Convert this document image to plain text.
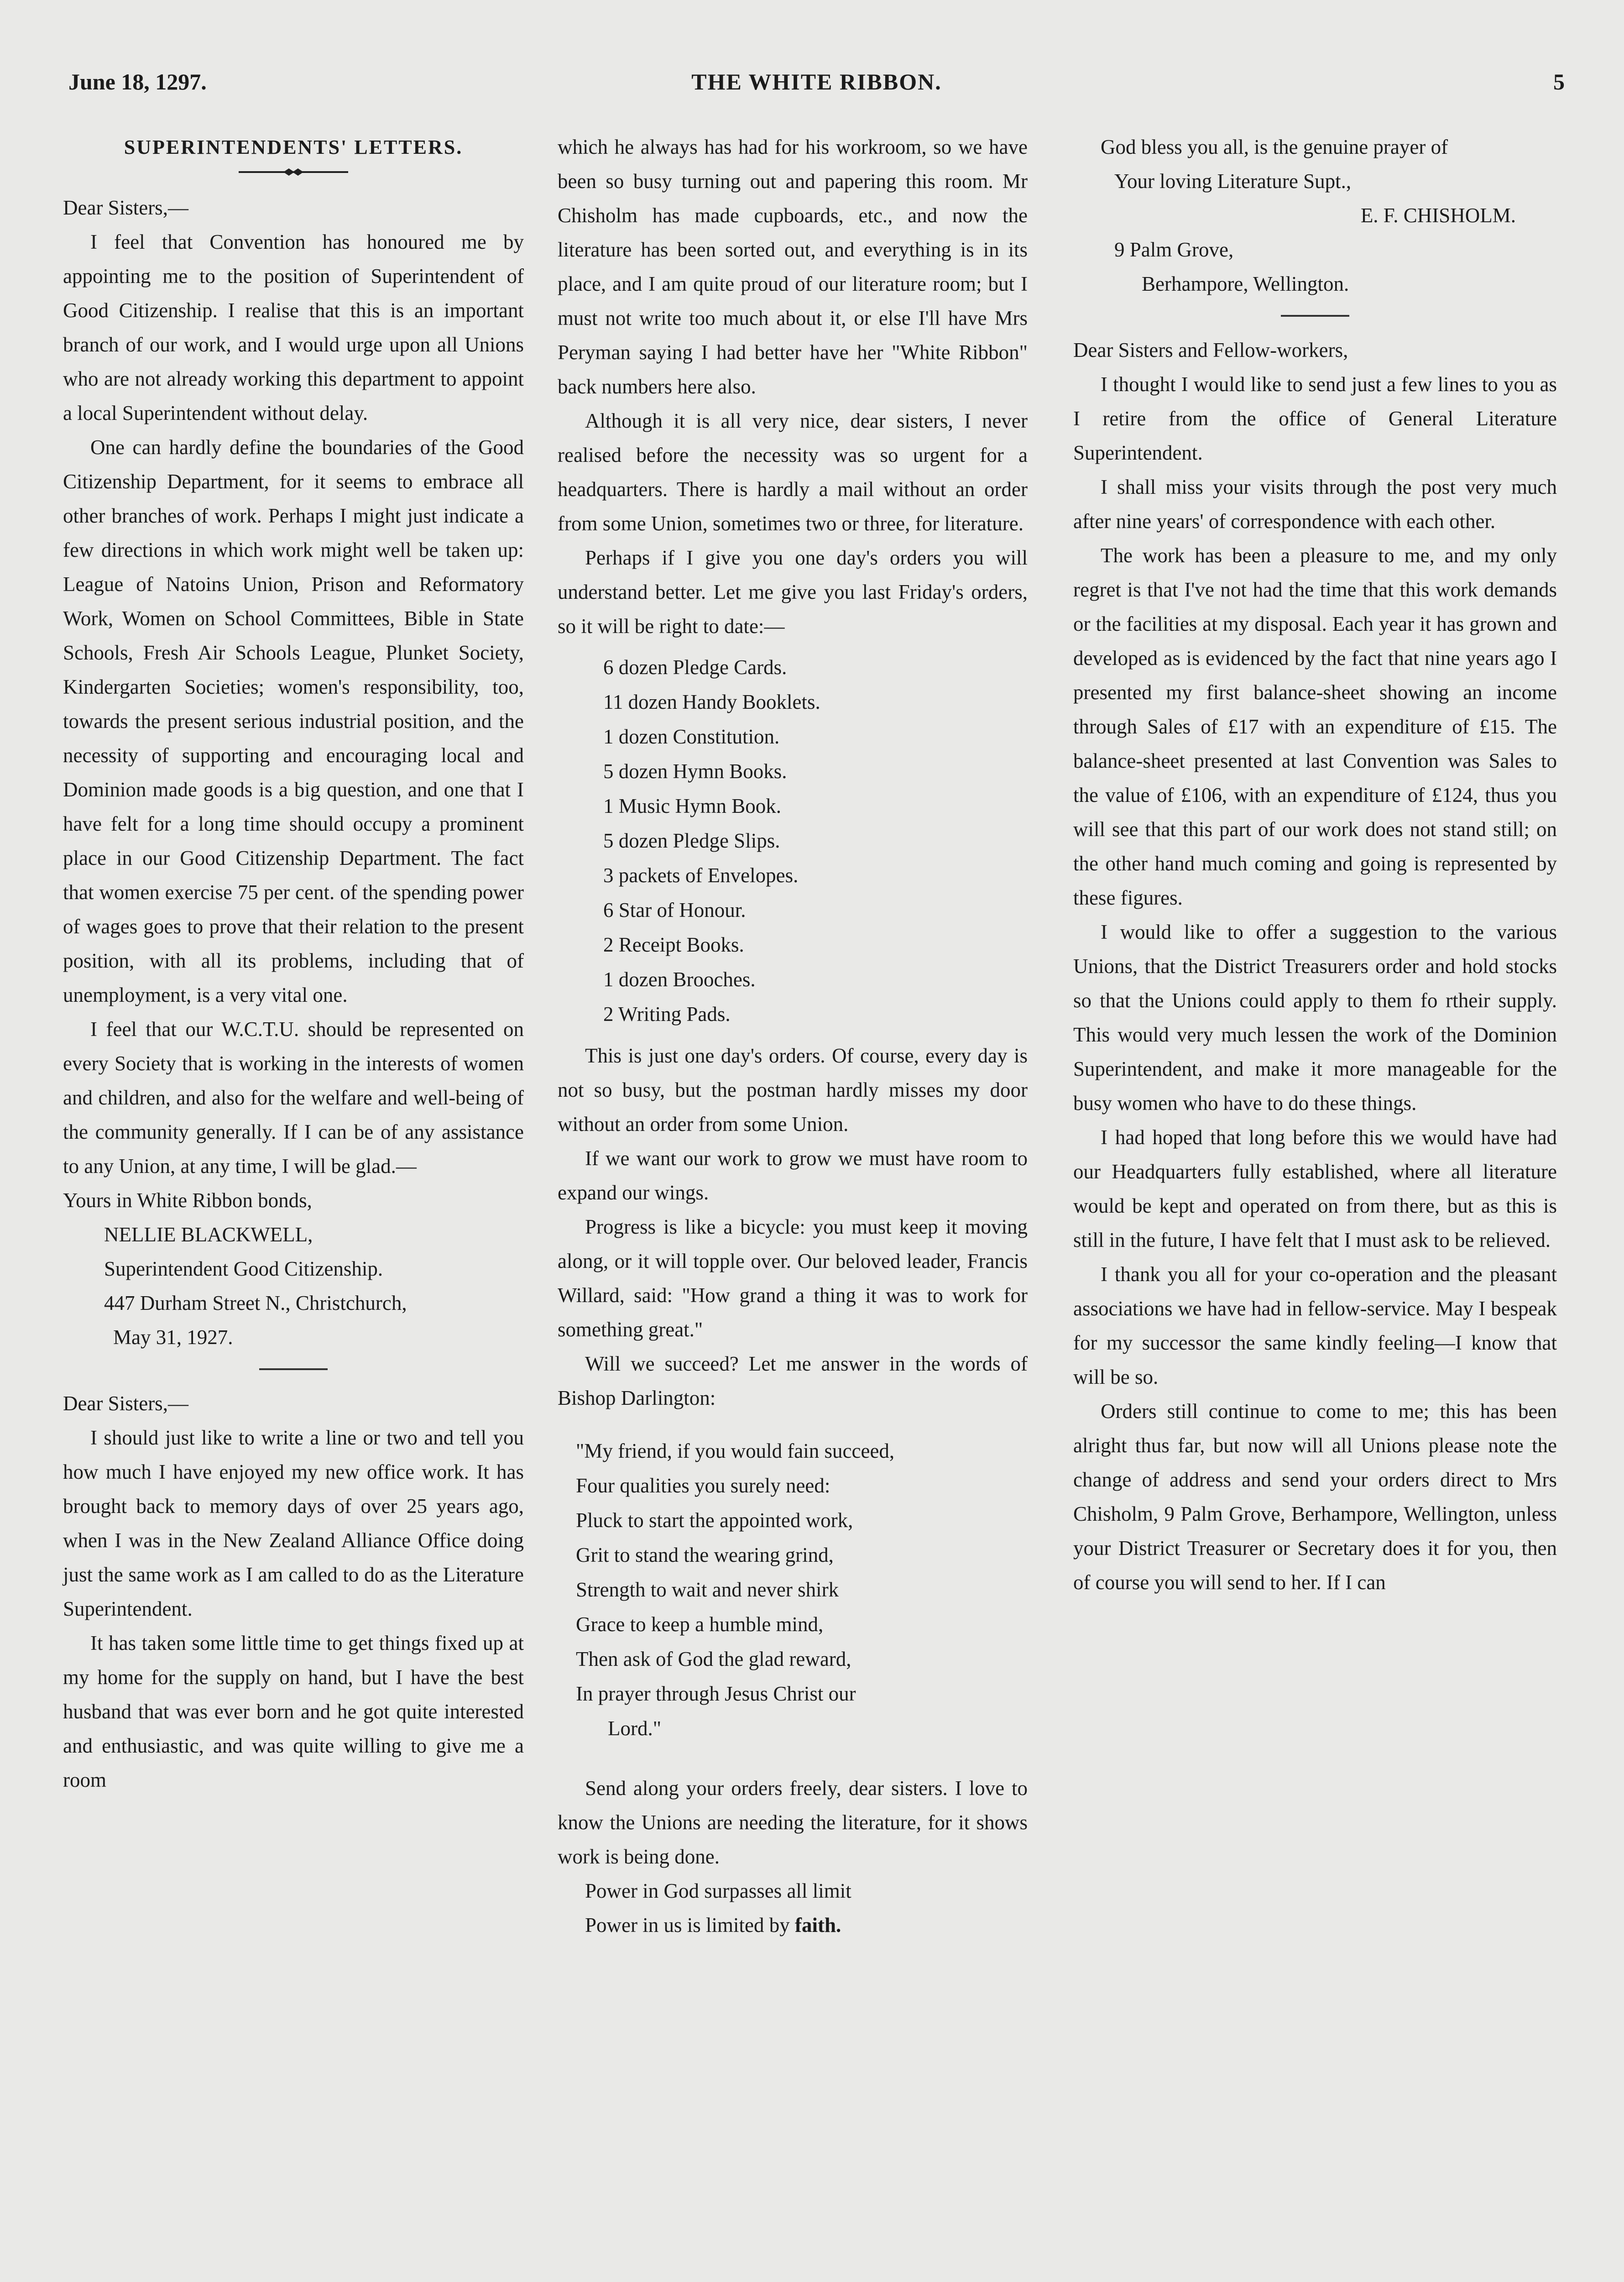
June 18, 1297.	THE WHITE RIBBON.	5
SUPERINTENDENTS' LETTERS.

Dear Sisters,—

I feel that Convention has honoured me by appointing me to the position of Superintendent of Good Citizenship. I realise that this is an important branch of our work, and I would urge upon all Unions who are not already working this department to appoint a local Superintendent without delay.

One can hardly define the boundaries of the Good Citizenship Department, for it seems to embrace all other branches of work. Perhaps I might just indicate a few directions in which work might well be taken up: League of Natoins Union, Prison and Reformatory Work, Women on School Committees, Bible in State Schools, Fresh Air Schools League, Plunket Society, Kindergarten Societies; women's responsibility, too, towards the present serious industrial position, and the necessity of supporting and encouraging local and Dominion made goods is a big question, and one that I have felt for a long time should occupy a prominent place in our Good Citizenship Department. The fact that women exercise 75 per cent. of the spending power of wages goes to prove that their relation to the present position, with all its problems, including that of unemployment, is a very vital one.

I feel that our W.C.T.U. should be represented on every Society that is working in the interests of women and children, and also for the welfare and well-being of the community generally. If I can be of any assistance to any Union, at any time, I will be glad.—

Yours in White Ribbon bonds,

NELLIE BLACKWELL,

Superintendent Good Citizenship.

447 Durham Street N., Christchurch,

May 31, 1927.

Dear Sisters,—

I should just like to write a line or two and tell you how much I have enjoyed my new office work. It has brought back to memory days of over 25 years ago, when I was in the New Zealand Alliance Office doing just the same work as I am called to do as the Literature Superintendent.

It has taken some little time to get things fixed up at my home for the supply on hand, but I have the best husband that was ever born and he got quite interested and enthusiastic, and was quite willing to give me a room

which he always has had for his workroom, so we have been so busy turning out and papering this room. Mr Chisholm has made cupboards, etc., and now the literature has been sorted out, and everything is in its place, and I am quite proud of our literature room; but I must not write too much about it, or else I'll have Mrs Peryman saying I had better have her "White Ribbon" back numbers here also.

Although it is all very nice, dear sisters, I never realised before the necessity was so urgent for a headquarters. There is hardly a mail without an order from some Union, sometimes two or three, for literature.

Perhaps if I give you one day's orders you will understand better. Let me give you last Friday's orders, so it will be right to date:—

6 dozen Pledge Cards.
11 dozen Handy Booklets.
1 dozen Constitution.
5 dozen Hymn Books.
1 Music Hymn Book.
5 dozen Pledge Slips.
3 packets of Envelopes.
6 Star of Honour.
2 Receipt Books.
1 dozen Brooches.
2 Writing Pads.

This is just one day's orders. Of course, every day is not so busy, but the postman hardly misses my door without an order from some Union.

If we want our work to grow we must have room to expand our wings.

Progress is like a bicycle: you must keep it moving along, or it will topple over. Our beloved leader, Francis Willard, said: "How grand a thing it was to work for something great."

Will we succeed? Let me answer in the words of Bishop Darlington:

"My friend, if you would fain succeed,
Four qualities you surely need:
Pluck to start the appointed work,
Grit to stand the wearing grind,
Strength to wait and never shirk
Grace to keep a humble mind,
Then ask of God the glad reward,
In prayer through Jesus Christ our
Lord."

Send along your orders freely, dear sisters. I love to know the Unions are needing the literature, for it shows work is being done.

Power in God surpasses all limit

Power in us is limited by faith.

God bless you all, is the genuine prayer of

Your loving Literature Supt.,

E. F. CHISHOLM.

9 Palm Grove,

Berhampore, Wellington.

Dear Sisters and Fellow-workers,

I thought I would like to send just a few lines to you as I retire from the office of General Literature Superintendent.

I shall miss your visits through the post very much after nine years' of correspondence with each other.

The work has been a pleasure to me, and my only regret is that I've not had the time that this work demands or the facilities at my disposal. Each year it has grown and developed as is evidenced by the fact that nine years ago I presented my first balance-sheet showing an income through Sales of £17 with an expenditure of £15. The balance-sheet presented at last Convention was Sales to the value of £106, with an expenditure of £124, thus you will see that this part of our work does not stand still; on the other hand much coming and going is represented by these figures.

I would like to offer a suggestion to the various Unions, that the District Treasurers order and hold stocks so that the Unions could apply to them fo rtheir supply. This would very much lessen the work of the Dominion Superintendent, and make it more manageable for the busy women who have to do these things.

I had hoped that long before this we would have had our Headquarters fully established, where all literature would be kept and operated on from there, but as this is still in the future, I have felt that I must ask to be relieved.

I thank you all for your co-operation and the pleasant associations we have had in fellow-service. May I bespeak for my successor the same kindly feeling—I know that will be so.

Orders still continue to come to me; this has been alright thus far, but now will all Unions please note the change of address and send your orders direct to Mrs Chisholm, 9 Palm Grove, Berhampore, Wellington, unless your District Treasurer or Secretary does it for you, then of course you will send to her. If I can
